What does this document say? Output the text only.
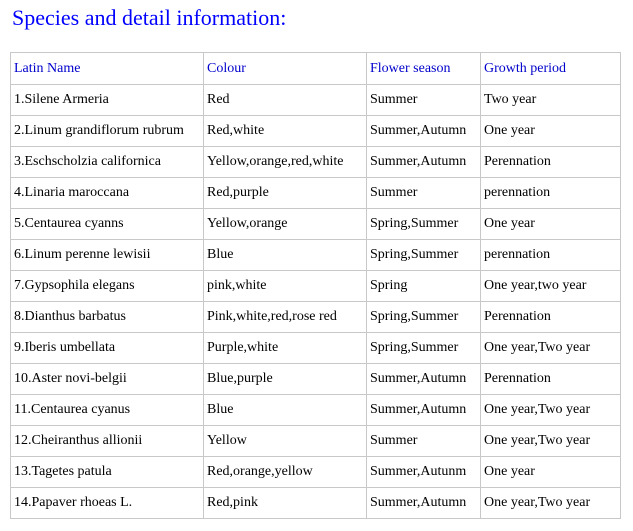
Species and detail information:
Latin Name	Colour	Flower season	Growth period
1.Silene Armeria	Red	Summer	Two year
2.Linum grandiflorum rubrum	Red,white	Summer,Autumn	One year
3.Eschscholzia californica	Yellow,orange,red,white	Summer,Autumn	Perennation
4.Linaria maroccana	Red,purple	Summer	perennation
5.Centaurea cyanns	Yellow,orange	Spring,Summer	One year
6.Linum perenne lewisii	Blue	Spring,Summer	perennation
7.Gypsophila elegans	pink,white	Spring	One year,two year
8.Dianthus barbatus	Pink,white,red,rose red	Spring,Summer	Perennation
9.Iberis umbellata	Purple,white	Spring,Summer	One year,Two year
10.Aster novi-belgii	Blue,purple	Summer,Autumn	Perennation
11.Centaurea cyanus	Blue	Summer,Autumn	One year,Two year
12.Cheiranthus allionii	Yellow	Summer	One year,Two year
13.Tagetes patula	Red,orange,yellow	Summer,Autunm	One year
14.Papaver rhoeas L.	Red,pink	Summer,Autumn	One year,Two year
